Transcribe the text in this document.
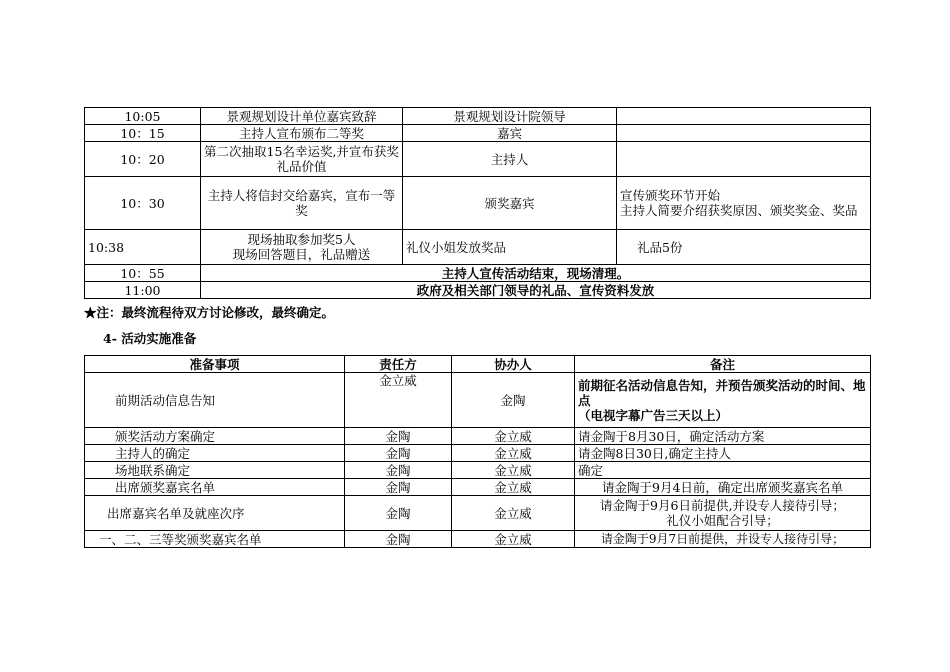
10:05	景观规划设计单位嘉宾致辞	景观规划设计院领导	
10：15	主持人宣布颁布二等奖	嘉宾	
10：20	第二次抽取15名幸运奖,并宣布获奖礼品价值	主持人	
10：30	主持人将信封交给嘉宾，宣布一等奖	颁奖嘉宾	宣传颁奖环节开始
主持人简要介绍获奖原因、颁奖奖金、奖品
10:38	现场抽取参加奖5人
现场回答题目，礼品赠送	礼仪小姐发放奖品	礼品5份
10：55	主持人宣传活动结束，现场清理。		
11:00	政府及相关部门领导的礼品、宣传资料发放		
★注：最终流程待双方讨论修改，最终确定。
4- 活动实施准备
准备事项	责任方	协办人	备注
前期活动信息告知	金立威	金陶	前期征名活动信息告知，并预告颁奖活动的时间、地点
（电视字幕广告三天以上）
颁奖活动方案确定	金陶	金立威	请金陶于8月30日，确定活动方案
主持人的确定	金陶	金立威	请金陶8日30日,确定主持人
场地联系确定	金陶	金立威	确定
出席颁奖嘉宾名单	金陶	金立威	请金陶于9月4日前，确定出席颁奖嘉宾名单
出席嘉宾名单及就座次序	金陶	金立威	请金陶于9月6日前提供,并设专人接待引导；
礼仪小姐配合引导；
一、二、三等奖颁奖嘉宾名单	金陶	金立威	请金陶于9月7日前提供，并设专人接待引导；
